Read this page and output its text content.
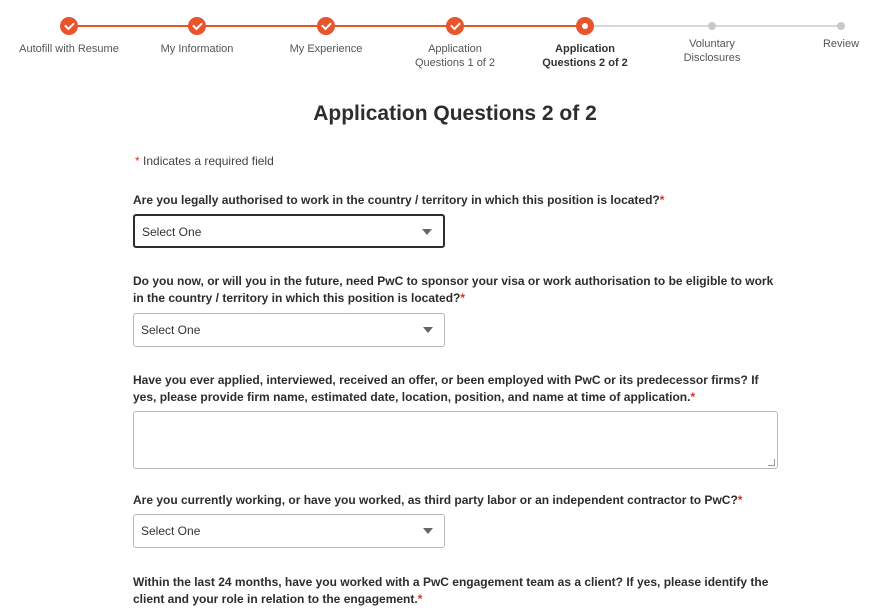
Autofill with Resume	My Information	My Experience	Application Questions 1 of 2
Application Questions 2 of 2
Voluntary Disclosures
Review
Application Questions 2 of 2
* Indicates a required field
Are you legally authorised to work in the country / territory in which this position is located?*
Select One
Do you now, or will you in the future, need PwC to sponsor your visa or work authorisation to be eligible to work in the country / territory in which this position is located?*
Select One
Have you ever applied, interviewed, received an offer, or been employed with PwC or its predecessor firms? If yes, please provide firm name, estimated date, location, position, and name at time of application.*
Are you currently working, or have you worked, as third party labor or an independent contractor to PwC?*
Select One
Within the last 24 months, have you worked with a PwC engagement team as a client? If yes, please identify the client and your role in relation to the engagement.*
